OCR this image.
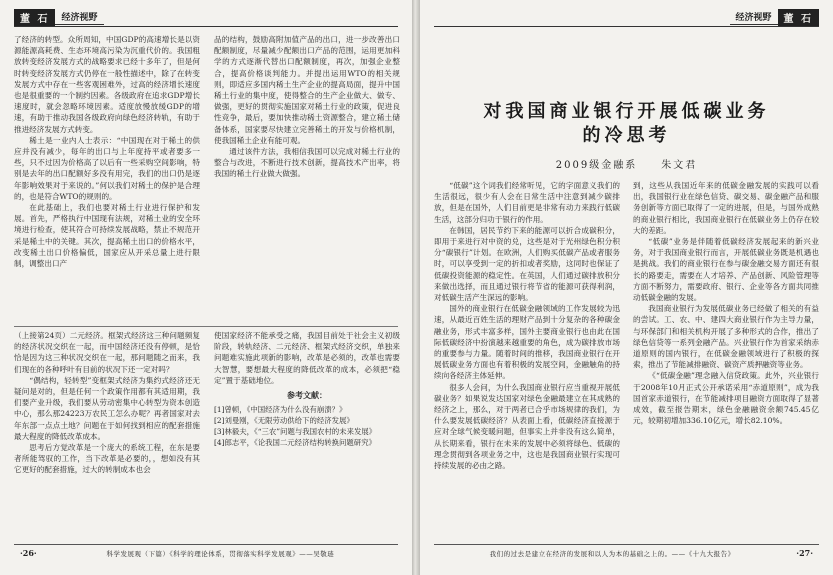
董 石	经济视野

了经济的转型。众所周知，中国GDP的高速增长是以资源能源高耗费、生态环境高污染为沉重代价的。我国粗放转变经济发展方式的战略要求已经十多年了，但是何时转变经济发展方式仍停在一般性描述中，除了在转变发展方式中存在一些客观困难外，过高的经济增长速度也是很重要的一个制约因素。各级政府在追求GDP增长速度时，就会忽略环境因素。适度放慢放缓GDP的增速，有助于推动我国各级政府向绿色经济转轨，有助于推进经济发展方式转变。

稀土是一业内人士表示：“中国现在对于稀土的供应并没有减少，每年的出口与上年度持平或者要多一些，只不过因为价格高了以后有一些采购空间影响，特别是去年的出口配额好多没有用完，我们的出口仍是逐年影响效果对于来说的。”何以我们对稀土的保护是合理的，也是符合WTO的规则的。

在此基础上，我们也要对稀土行业进行保护和发展。首先，严格执行中国现有法规，对稀土业的安全环境进行检查，使其符合可持续发展战略，禁止不规范开采是稀土中的关键。其次，提高稀土出口的价格水平，改变稀土出口价格偏低，国家应从开采总量上进行限制，调整出口产

品的结构，鼓励高附加值产品的出口，进一步改善出口配额制度，尽量减少配额出口产品的范围，运用更加科学的方式逐渐代替出口配额制度，再次，加强企业整合，提高价格谈判能力。并提出运用WTO的相关规则，即适应多国内稀土生产企业的提高局面，提升中国稀土行业的集中度，使得整合的生产企业做大、做专、做强，更好的贯彻实施国家对稀土行业的政策，促进良性竞争，最后，要加快推动稀土资源整合，建立稀土储备体系，国家要尽快建立完善稀土的开发与价格机制，使我国稀土企业有能可观。

通过该件方法，我相信我国可以完成对稀土行业的整合与改进，不断进行技术创新，提高技术产出率，将我国的稀土行业做大做强。

（上接第24页）二元经济。框架式经济这三种问题频复的经济状况交织在一起，而中国经济还没有停顿，是恰恰是因为这三种状况交织在一起，那问题随之而来，我们现在的各种呼叶有目前的状况下还一定对吗？

“偶结构，轻转型”变框架式经济为集约式经济还无疑问是对的，但是任何一个政策作用都有其适用期，我们要产业升级，我们要从劳动密集中心转型为资本创造中心，那么那24223万农民工怎么办呢？再者国家对去年东部一点点土地？问题在于如何找到相应的配套措施最大程度的降低改革成本。

思考后方觉改革是一个庞大的系统工程，在东是要者所能驾驭的工作，当下改革是必要的，，想如没有其它更好的配套措施，过大的转制成本也会

使国家经济不能承受之痛，我国目前处于社会主义初级阶段，转轨经济、二元经济、框架式经济交织，单独来问题难实施此项新的影响，改革是必须的，改革也需要大智慧，要想最大程度的降低改革的成本，必须把“稳定”置于基础地位。

参考文献：
[1]曾顿，《中国经济为什么没有崩溃？》
[2]刘曼刚，《无限劳动供给下的经济发展》
[3]林毅夫，《“三农”问题与我国农村的未来发展》
[4]郎志平，《论我国二元经济结构转换问题研究》
·26·	科学发展观（下篇）《科学的理论体系，贯彻落实科学发展观》——吴敬琏
经济视野	董 石
对我国商业银行开展低碳业务
的冷思考
2009级金融系　　朱文君

“低碳”这个词我们经常听见，它的字面意义我们的生活很远，很少有人会在日常生活中注意到减少碳排放，但是在国外，人们目前更是非常有动力来践行低碳生活，这部分归功于银行的作用。

在韩国，居民节约下来的能源可以折合成碳积分，即用于来进行对中资的兑，这些是对于光州绿色积分积分“碳银行”计划。在欧洲，人们购买低碳产品或者服务时，可以享受到一定的折扣或者奖励，这同时也保证了低碳投资能源的稳定性。在英国，人们通过碳排放积分来做出选择，而且通过银行将节省的能源可获得利润，对低碳生活产生深远的影响。

国外的商业银行在低碳金融领域的工作发展较为迅速，从最近百姓生活的理财产品到十分复杂的各种碳金融业务，形式丰富多样，国外主要商业银行也由此在国际低碳经济中扮演越来越重要的角色，成为碳排放市场的重要参与力量。随着时间的推移，我国商业银行在开展低碳业务方面也有着积极的发展空间，金融触角的持续向各经济主体延伸。

很多人会问，为什么我国商业银行应当重视开展低碳业务？如果说发达国家对绿色金融最建立在其成熟的经济之上，那么，对于两者已合乎市场规律的我们，为什么要发展低碳经济？从表面上看，低碳经济直接源于应对全球气候变暖问题，但事实上并非没有这么简单，从长期来看，银行在未来的发展中必须将绿色、低碳的理念贯彻到各项业务之中，这也是我国商业银行实现可持续发展的必由之路。

到，这些从我国近年来的低碳金融发展的实践可以看出，我国银行业在绿色信贷、碳交易、碳金融产品和服务创新等方面已取得了一定的进展，但是，与国外成熟的商业银行相比，我国商业银行在低碳业务上仍存在较大的差距。

“低碳”业务是伴随着低碳经济发展起来的新兴业务，对于我国商业银行而言，开展低碳业务既是机遇也是挑战。我们的商业银行在参与碳金融交易方面还有很长的路要走，需要在人才培养、产品创新、风险管理等方面不断努力，需要政府、银行、企业等各方面共同推动低碳金融的发展。

我国商业银行为发展低碳业务已经做了相关的有益的尝试。工、农、中、建四大商业银行作为主导力量，与环保部门和相关机构开展了多种形式的合作，推出了绿色信贷等一系列金融产品。兴业银行作为首家采纳赤道原则的国内银行，在低碳金融领域进行了积极的探索，推出了节能减排融资、碳资产质押融资等业务。

《“低碳金融”理念融入信贷政策。此外，兴业银行于2008年10月正式公开承诺采用“赤道原则”，成为我国首家赤道银行，在节能减排项目融资方面取得了显著成效，截至报告期末，绿色金融融资余额745.45亿元，较期初增加336.10亿元，增长82.10%。

我们的过去是建立在经济的发展和以人为本的基础之上的。——《十九大报告》	·27·
